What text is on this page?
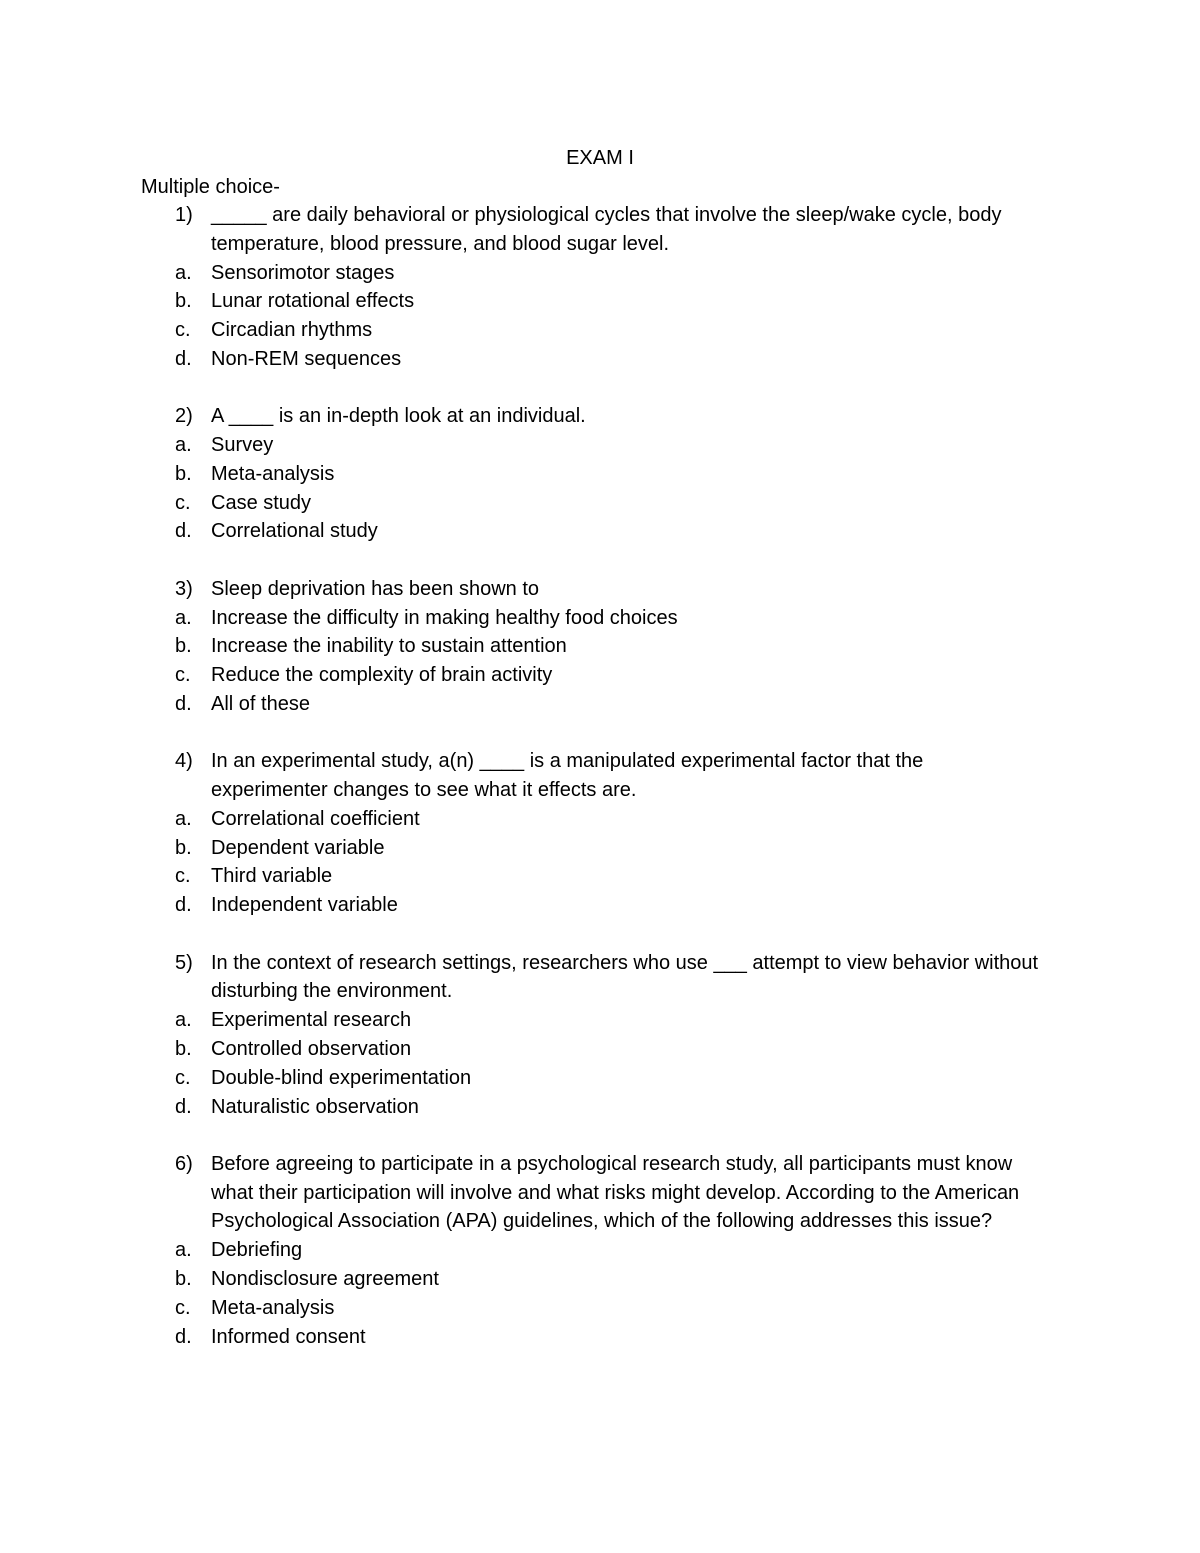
EXAM I
Multiple choice-
1) _____ are daily behavioral or physiological cycles that involve the sleep/wake cycle, body temperature, blood pressure, and blood sugar level.
a. Sensorimotor stages
b. Lunar rotational effects
c. Circadian rhythms
d. Non-REM sequences
2) A ____ is an in-depth look at an individual.
a. Survey
b. Meta-analysis
c. Case study
d. Correlational study
3) Sleep deprivation has been shown to
a. Increase the difficulty in making healthy food choices
b. Increase the inability to sustain attention
c. Reduce the complexity of brain activity
d. All of these
4) In an experimental study, a(n) ____ is a manipulated experimental factor that the experimenter changes to see what it effects are.
a. Correlational coefficient
b. Dependent variable
c. Third variable
d. Independent variable
5) In the context of research settings, researchers who use ___ attempt to view behavior without disturbing the environment.
a. Experimental research
b. Controlled observation
c. Double-blind experimentation
d. Naturalistic observation
6) Before agreeing to participate in a psychological research study, all participants must know what their participation will involve and what risks might develop. According to the American Psychological Association (APA) guidelines, which of the following addresses this issue?
a. Debriefing
b. Nondisclosure agreement
c. Meta-analysis
d. Informed consent
